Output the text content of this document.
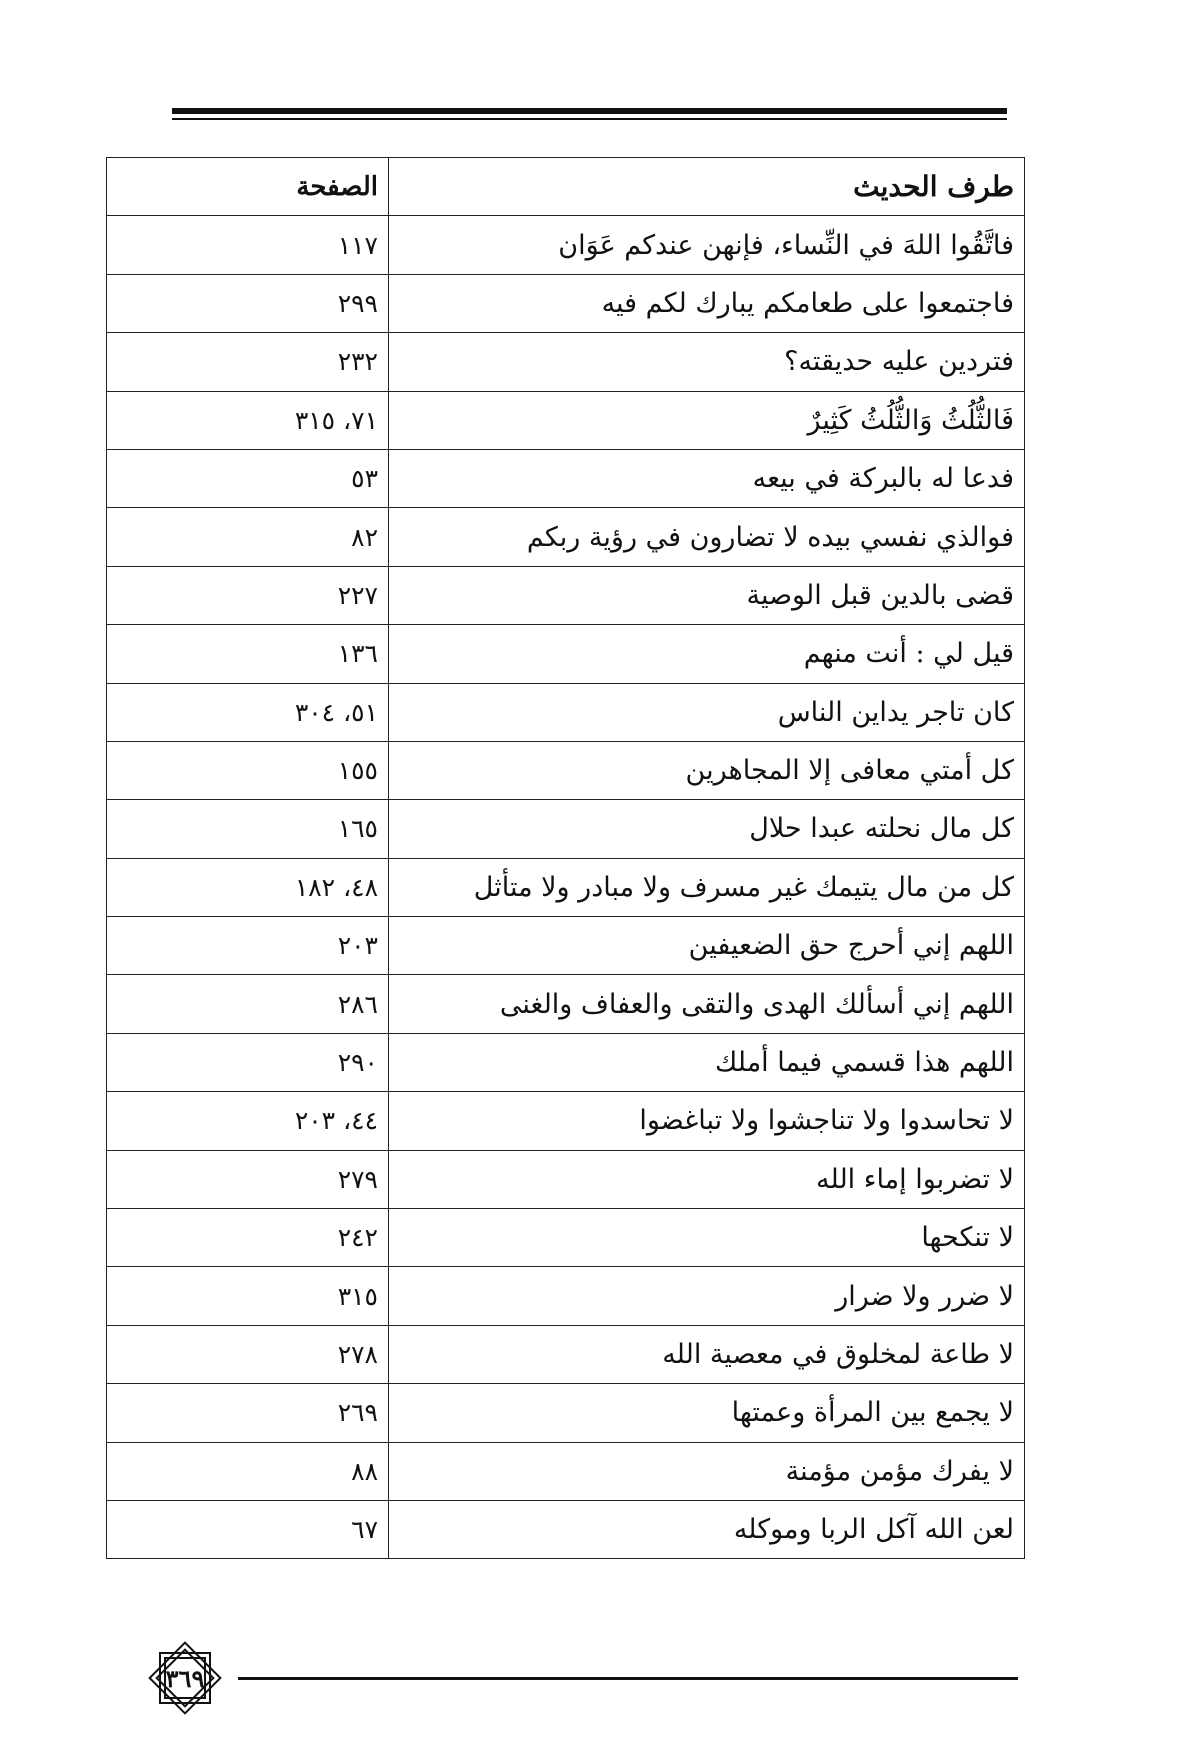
طرف الحديث	الصفحة
فاتَّقُوا اللهَ في النِّساء، فإنهن عندكم عَوَان	١١٧
فاجتمعوا على طعامكم يبارك لكم فيه	٢٩٩
فتردين عليه حديقته؟	٢٣٢
فَالثُّلُثُ وَالثُّلُثُ كَثِيرٌ	٧١، ٣١٥
فدعا له بالبركة في بيعه	٥٣
فوالذي نفسي بيده لا تضارون في رؤية ربكم	٨٢
قضى بالدين قبل الوصية	٢٢٧
قيل لي : أنت منهم	١٣٦
كان تاجر يداين الناس	٥١، ٣٠٤
كل أمتي معافى إلا المجاهرين	١٥٥
كل مال نحلته عبدا حلال	١٦٥
كل من مال يتيمك غير مسرف ولا مبادر ولا متأثل	٤٨، ١٨٢
اللهم إني أحرج حق الضعيفين	٢٠٣
اللهم إني أسألك الهدى والتقى والعفاف والغنى	٢٨٦
اللهم هذا قسمي فيما أملك	٢٩٠
لا تحاسدوا ولا تناجشوا ولا تباغضوا	٤٤، ٢٠٣
لا تضربوا إماء الله	٢٧٩
لا تنكحها	٢٤٢
لا ضرر ولا ضرار	٣١٥
لا طاعة لمخلوق في معصية الله	٢٧٨
لا يجمع بين المرأة وعمتها	٢٦٩
لا يفرك مؤمن مؤمنة	٨٨
لعن الله آكل الربا وموكله	٦٧
٣٦٩
